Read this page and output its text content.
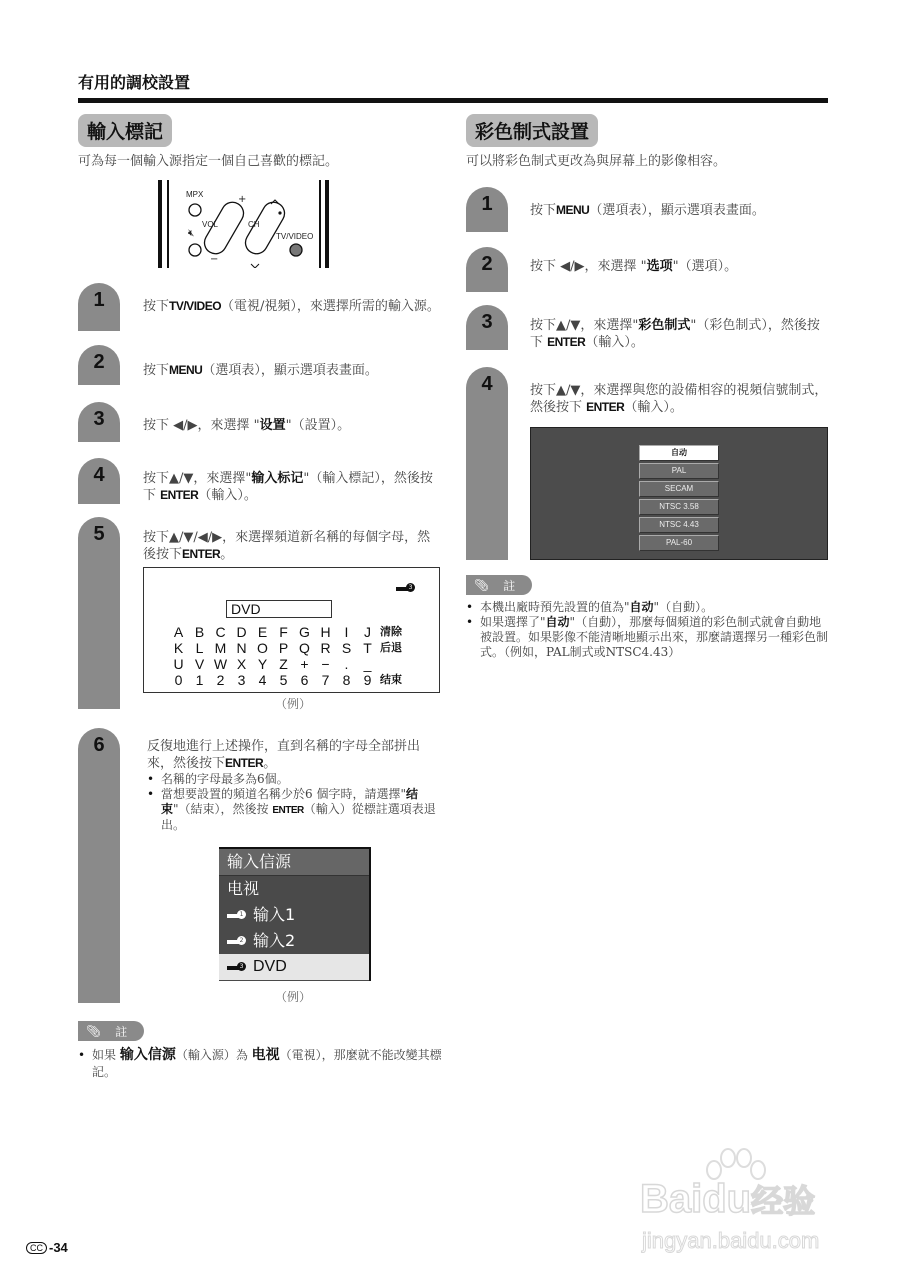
有用的調校設置
輸入標記
可為每一個輸入源指定一個自己喜歡的標記。
MPX
VOL	CH
TV/VIDEO
+
−
🔇︎
1
2
3
4
5
6
按下TV/VIDEO（電視/視頻），來選擇所需的輸入源。
按下MENU（選項表），顯示選項表畫面。
按下 ◀/▶，來選擇 "设置"（設置）。
按下▲/▼，來選擇"输入标记"（輸入標記），然後按下 ENTER（輸入）。
按下▲/▼/◀/▶，來選擇頻道新名稱的每個字母，然後按下ENTER。
3
DVD
A B C D E F G H I	J 清除
K L M N O P Q R S T 后退
U V W X Y Z + −	.	_
0 1 2 3 4 5 6 7 8 9 结束
（例）
反復地進行上述操作，直到名稱的字母全部拼出來，然後按下ENTER。
• 名稱的字母最多為6個。
• 當想要設置的頻道名稱少於6 個字時，請選擇"结束"（結束），然後按 ENTER（輸入）從標註選項表退出。
输入信源
电视
1 输入1
2 输入2
3 DVD
（例）
📎︎ 註
• 如果 输入信源（輸入源）為 电视（電視），那麼就不能改變其標記。
彩色制式設置
可以將彩色制式更改為與屏幕上的影像相容。
1
2
3
4
按下MENU（選項表），顯示選項表畫面。
按下 ◀/▶，來選擇 "选项"（選項）。
按下▲/▼，來選擇"彩色制式"（彩色制式），然後按下 ENTER（輸入）。
按下▲/▼，來選擇與您的設備相容的視頻信號制式，然後按下 ENTER（輸入）。
自动
PAL
SECAM
NTSC 3.58
NTSC 4.43
PAL-60
📎︎ 註
• 本機出廠時預先設置的值為"自动"（自動）。
• 如果選擇了"自动"（自動），那麼每個頻道的彩色制式就會自動地被設置。如果影像不能清晰地顯示出來，那麼請選擇另一種彩色制式。（例如，PAL制式或NTSC4.43）
Baidu经验
jingyan.baidu.com
CC -34
